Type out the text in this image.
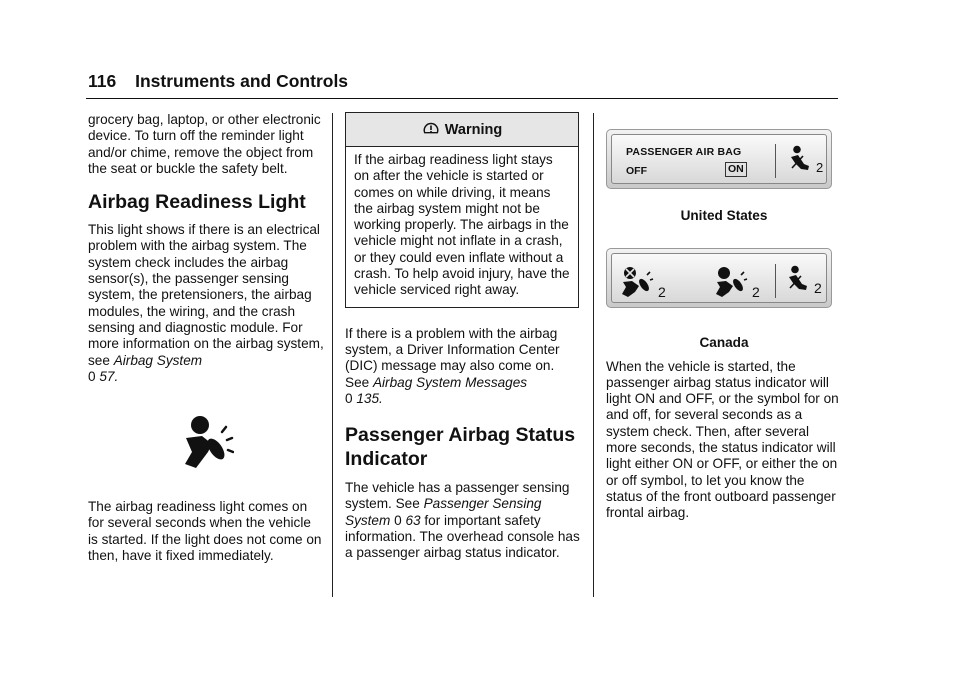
116 Instruments and Controls

grocery bag, laptop, or other electronic device. To turn off the reminder light and/or chime, remove the object from the seat or buckle the safety belt.

Airbag Readiness Light

This light shows if there is an electrical problem with the airbag system. The system check includes the airbag sensor(s), the passenger sensing system, the pretensioners, the airbag modules, the wiring, and the crash sensing and diagnostic module. For more information on the airbag system, see Airbag System
0 57.

The airbag readiness light comes on for several seconds when the vehicle is started. If the light does not come on then, have it fixed immediately.

Warning
If the airbag readiness light stays on after the vehicle is started or comes on while driving, it means the airbag system might not be working properly. The airbags in the vehicle might not inflate in a crash, or they could even inflate without a crash. To help avoid injury, have the vehicle serviced right away.

If there is a problem with the airbag system, a Driver Information Center (DIC) message may also come on. See Airbag System Messages
0 135.

Passenger Airbag Status Indicator

The vehicle has a passenger sensing system. See Passenger Sensing System 0 63 for important safety information. The overhead console has a passenger airbag status indicator.

PASSENGER AIR BAG
OFF	ON	2

United States

2	2	2

Canada

When the vehicle is started, the passenger airbag status indicator will light ON and OFF, or the symbol for on and off, for several seconds as a system check. Then, after several more seconds, the status indicator will light either ON or OFF, or either the on or off symbol, to let you know the status of the front outboard passenger frontal airbag.
